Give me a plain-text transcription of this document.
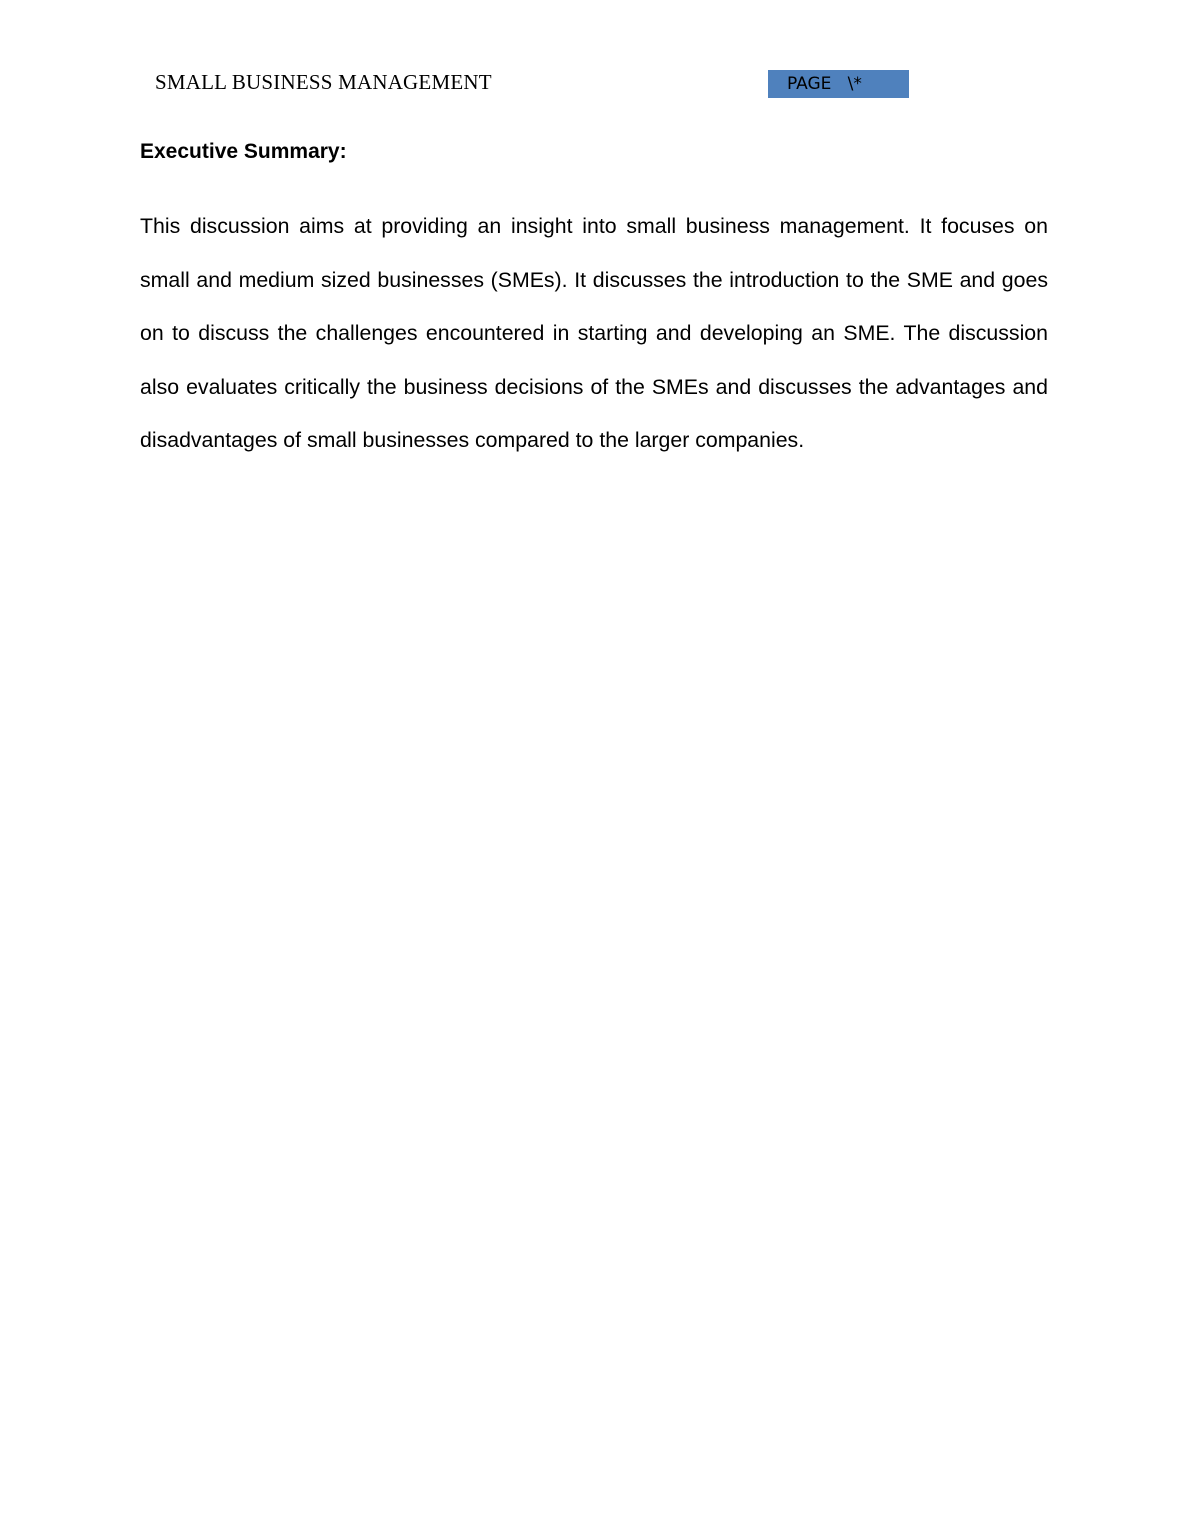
SMALL BUSINESS MANAGEMENT	PAGE   \*
Executive Summary:

This discussion aims at providing an insight into small business management. It focuses on small and medium sized businesses (SMEs). It discusses the introduction to the SME and goes on to discuss the challenges encountered in starting and developing an SME. The discussion also evaluates critically the business decisions of the SMEs and discusses the advantages and disadvantages of small businesses compared to the larger companies.
